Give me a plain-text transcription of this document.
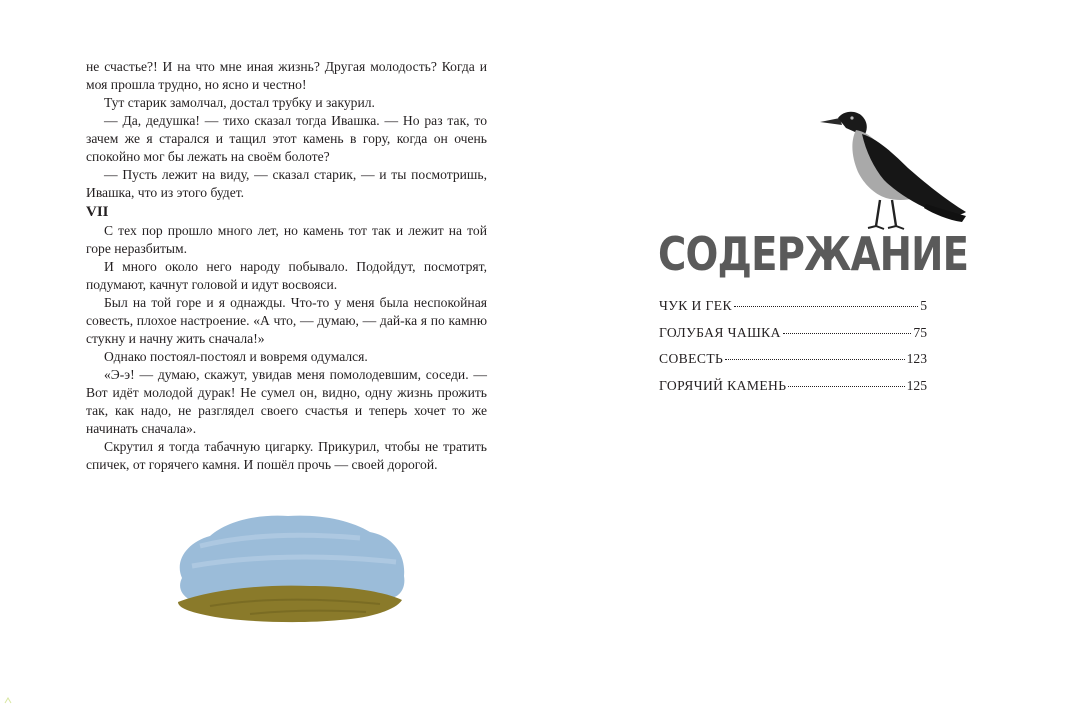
не счастье?! И на что мне иная жизнь? Другая молодость? Когда и моя прошла трудно, но ясно и честно!

Тут старик замолчал, достал трубку и закурил.

— Да, дедушка! — тихо сказал тогда Ивашка. — Но раз так, то зачем же я старался и тащил этот камень в гору, когда он очень спокойно мог бы лежать на своём болоте?

— Пусть лежит на виду, — сказал старик, — и ты посмотришь, Ивашка, что из этого будет.

VII

С тех пор прошло много лет, но камень тот так и лежит на той горе неразбитым.

И много около него народу побывало. Подойдут, посмотрят, подумают, качнут головой и идут восвояси.

Был на той горе и я однажды. Что-то у меня была неспокойная совесть, плохое настроение. «А что, — думаю, — дай-ка я по камню стукну и начну жить сначала!»

Однако постоял-постоял и вовремя одумался.

«Э-э! — думаю, скажут, увидав меня помолодевшим, соседи. — Вот идёт молодой дурак! Не сумел он, видно, одну жизнь прожить так, как надо, не разглядел своего счастья и теперь хочет то же начинать сначала».

Скрутил я тогда табачную цигарку. Прикурил, чтобы не тратить спичек, от горячего камня. И пошёл прочь — своей дорогой.

СОДЕРЖАНИЕ
ЧУК И ГЕК	5
ГОЛУБАЯ ЧАШКА	75
СОВЕСТЬ	123
ГОРЯЧИЙ КАМЕНЬ	125
